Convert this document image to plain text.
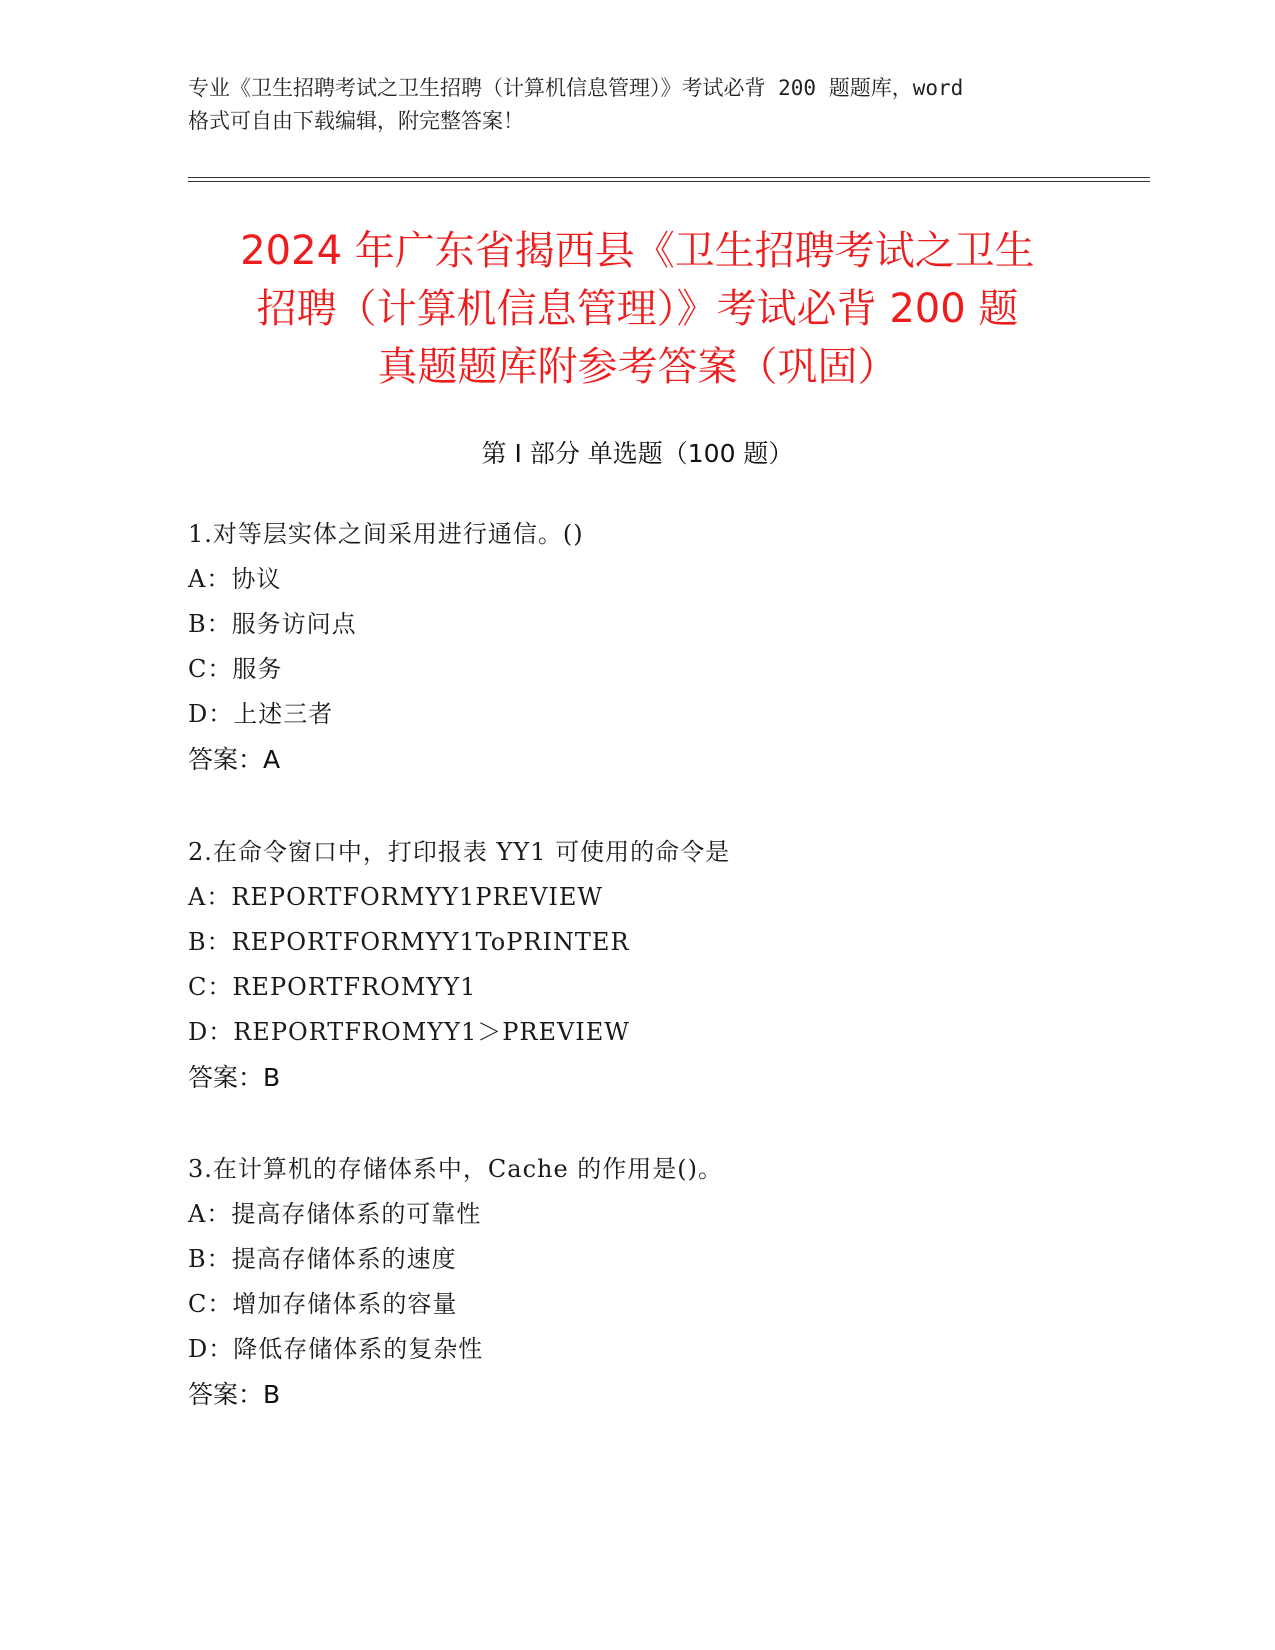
专业《卫生招聘考试之卫生招聘（计算机信息管理）》考试必背 200 题题库，word
格式可自由下载编辑，附完整答案！
2024 年广东省揭西县《卫生招聘考试之卫生
招聘（计算机信息管理）》考试必背 200 题
真题题库附参考答案（巩固）
第 I 部分 单选题（100 题）
1.对等层实体之间采用进行通信。()
A：协议
B：服务访问点
C：服务
D：上述三者
答案：A
2.在命令窗口中，打印报表 YY1 可使用的命令是
A：REPORTFORMYY1PREVIEW
B：REPORTFORMYY1ToPRINTER
C：REPORTFROMYY1
D：REPORTFROMYY1＞PREVIEW
答案：B
3.在计算机的存储体系中，Cache 的作用是()。
A：提高存储体系的可靠性
B：提高存储体系的速度
C：增加存储体系的容量
D：降低存储体系的复杂性
答案：B
